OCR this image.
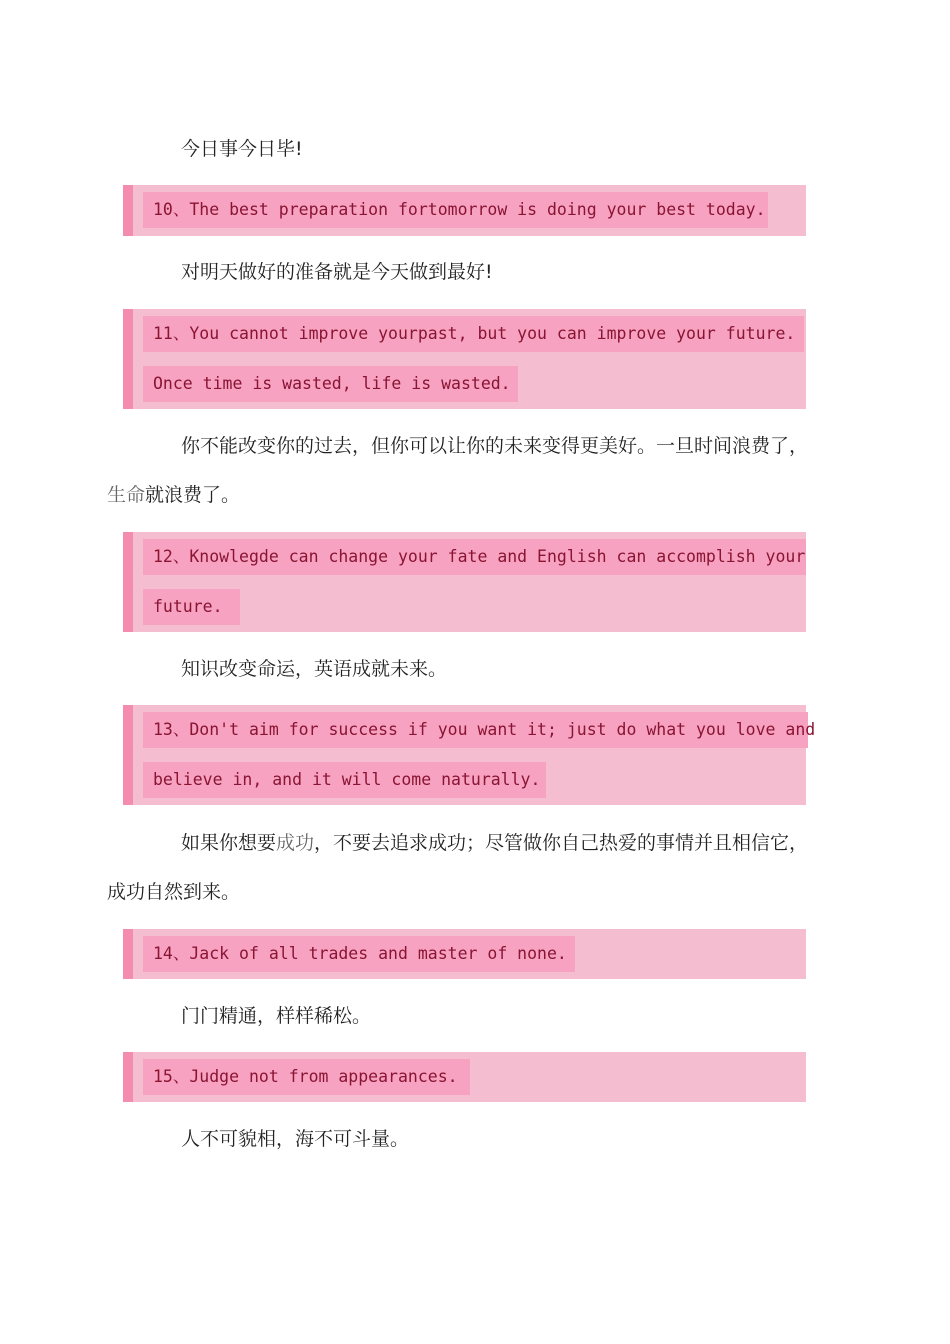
今日事今日毕!

10、The best preparation fortomorrow is doing your best today.

对明天做好的准备就是今天做到最好!

11、You cannot improve yourpast, but you can improve your future.
Once time is wasted, life is wasted.

你不能改变你的过去，但你可以让你的未来变得更美好。一旦时间浪费了，
生命就浪费了。

12、Knowlegde can change your fate and English can accomplish your
future.

知识改变命运，英语成就未来。

13、Don't aim for success if you want it; just do what you love and
believe in, and it will come naturally.

如果你想要成功，不要去追求成功；尽管做你自己热爱的事情并且相信它，
成功自然到来。

14、Jack of all trades and master of none.

门门精通，样样稀松。

15、Judge not from appearances.

人不可貌相，海不可斗量。
